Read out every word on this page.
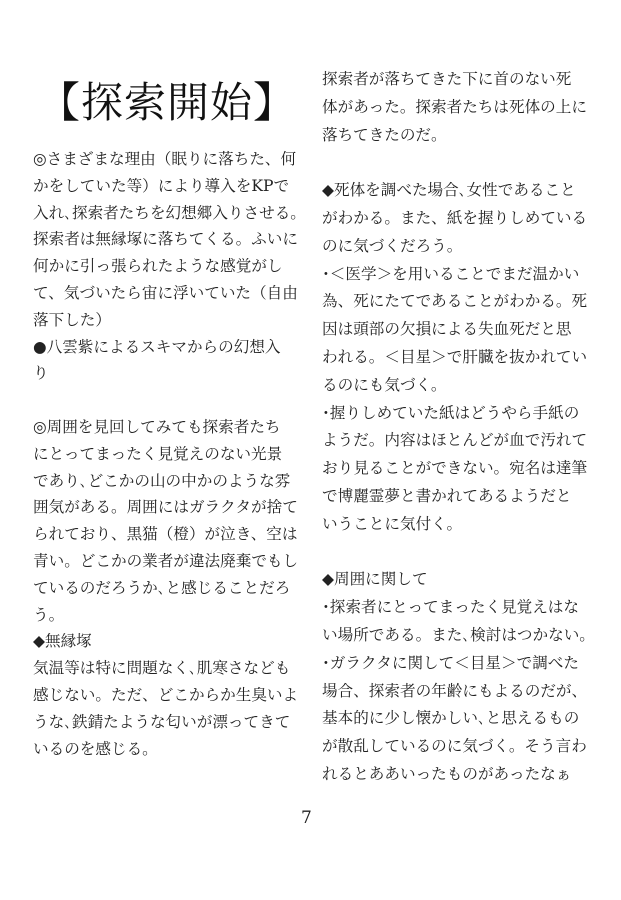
【探索開始】
◎さまざまな理由（眠りに落ちた、何
かをしていた等）により導入をKPで
入れ､探索者たちを幻想郷入りさせる。
探索者は無縁塚に落ちてくる。ふいに
何かに引っ張られたような感覚がし
て、気づいたら宙に浮いていた（自由
落下した）
●八雲紫によるスキマからの幻想入
り
◎周囲を見回してみても探索者たち
にとってまったく見覚えのない光景
であり､どこかの山の中かのような雰
囲気がある。周囲にはガラクタが捨て
られており、黒猫（橙）が泣き、空は
青い。どこかの業者が違法廃棄でもし
ているのだろうか､と感じることだろ
う。
◆無縁塚
気温等は特に問題なく､肌寒さなども
感じない。ただ、どこからか生臭いよ
うな､鉄錆たような匂いが漂ってきて
いるのを感じる。
探索者が落ちてきた下に首のない死
体があった。探索者たちは死体の上に
落ちてきたのだ。
◆死体を調べた場合､女性であること
がわかる。また、紙を握りしめている
のに気づくだろう。
･＜医学＞を用いることでまだ温かい
為、死にたてであることがわかる。死
因は頭部の欠損による失血死だと思
われる。＜目星＞で肝臓を抜かれてい
るのにも気づく。
･握りしめていた紙はどうやら手紙の
ようだ。内容はほとんどが血で汚れて
おり見ることができない。宛名は達筆
で博麗霊夢と書かれてあるようだと
いうことに気付く。
◆周囲に関して
･探索者にとってまったく見覚えはな
い場所である。また､検討はつかない。
･ガラクタに関して＜目星＞で調べた
場合、探索者の年齢にもよるのだが、
基本的に少し懐かしい､と思えるもの
が散乱しているのに気づく。そう言わ
れるとああいったものがあったなぁ
7
